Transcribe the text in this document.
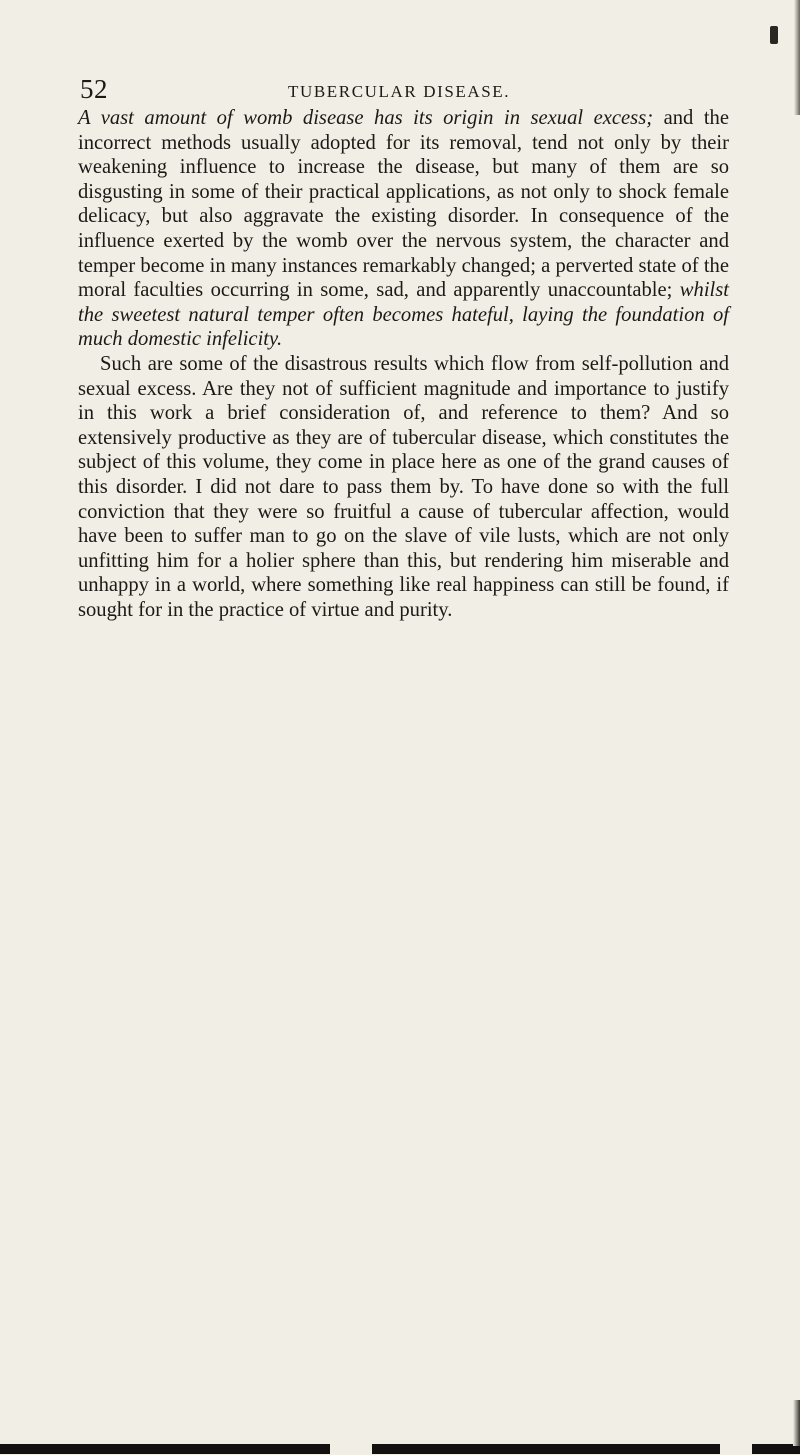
52	TUBERCULAR DISEASE.

A vast amount of womb disease has its origin in sexual excess; and the incorrect methods usually adopted for its removal, tend not only by their weakening influence to increase the disease, but many of them are so disgusting in some of their practical applications, as not only to shock female delicacy, but also aggravate the existing disorder. In consequence of the influence exerted by the womb over the nervous system, the character and temper become in many instances remarkably changed; a perverted state of the moral faculties occurring in some, sad, and apparently unaccountable; whilst the sweetest natural temper often becomes hateful, laying the foundation of much domestic infelicity.

Such are some of the disastrous results which flow from self-pollution and sexual excess. Are they not of sufficient magnitude and importance to justify in this work a brief consideration of, and reference to them? And so extensively productive as they are of tubercular disease, which constitutes the subject of this volume, they come in place here as one of the grand causes of this disorder. I did not dare to pass them by. To have done so with the full conviction that they were so fruitful a cause of tubercular affection, would have been to suffer man to go on the slave of vile lusts, which are not only unfitting him for a holier sphere than this, but rendering him miserable and unhappy in a world, where something like real happiness can still be found, if sought for in the practice of virtue and purity.
